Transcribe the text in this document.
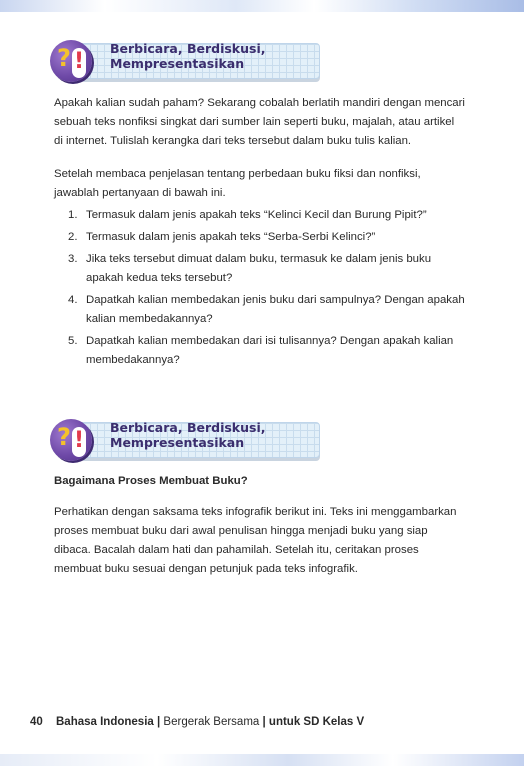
? !	Berbicara, Berdiskusi,
Mempresentasikan

Apakah kalian sudah paham? Sekarang cobalah berlatih mandiri dengan mencari sebuah teks nonfiksi singkat dari sumber lain seperti buku, majalah, atau artikel di internet. Tulislah kerangka dari teks tersebut dalam buku tulis kalian.

Setelah membaca penjelasan tentang perbedaan buku fiksi dan nonfiksi, jawablah pertanyaan di bawah ini.

1. Termasuk dalam jenis apakah teks “Kelinci Kecil dan Burung Pipit?”
2. Termasuk dalam jenis apakah teks “Serba-Serbi Kelinci?”
3. Jika teks tersebut dimuat dalam buku, termasuk ke dalam jenis buku apakah kedua teks tersebut?
4. Dapatkah kalian membedakan jenis buku dari sampulnya? Dengan apakah kalian membedakannya?
5. Dapatkah kalian membedakan dari isi tulisannya? Dengan apakah kalian membedakannya?
? !	Berbicara, Berdiskusi,
Mempresentasikan
Bagaimana Proses Membuat Buku?

Perhatikan dengan saksama teks infografik berikut ini. Teks ini menggambarkan proses membuat buku dari awal penulisan hingga menjadi buku yang siap dibaca. Bacalah dalam hati dan pahamilah. Setelah itu, ceritakan proses membuat buku sesuai dengan petunjuk pada teks infografik.

40 Bahasa Indonesia | Bergerak Bersama | untuk SD Kelas V
